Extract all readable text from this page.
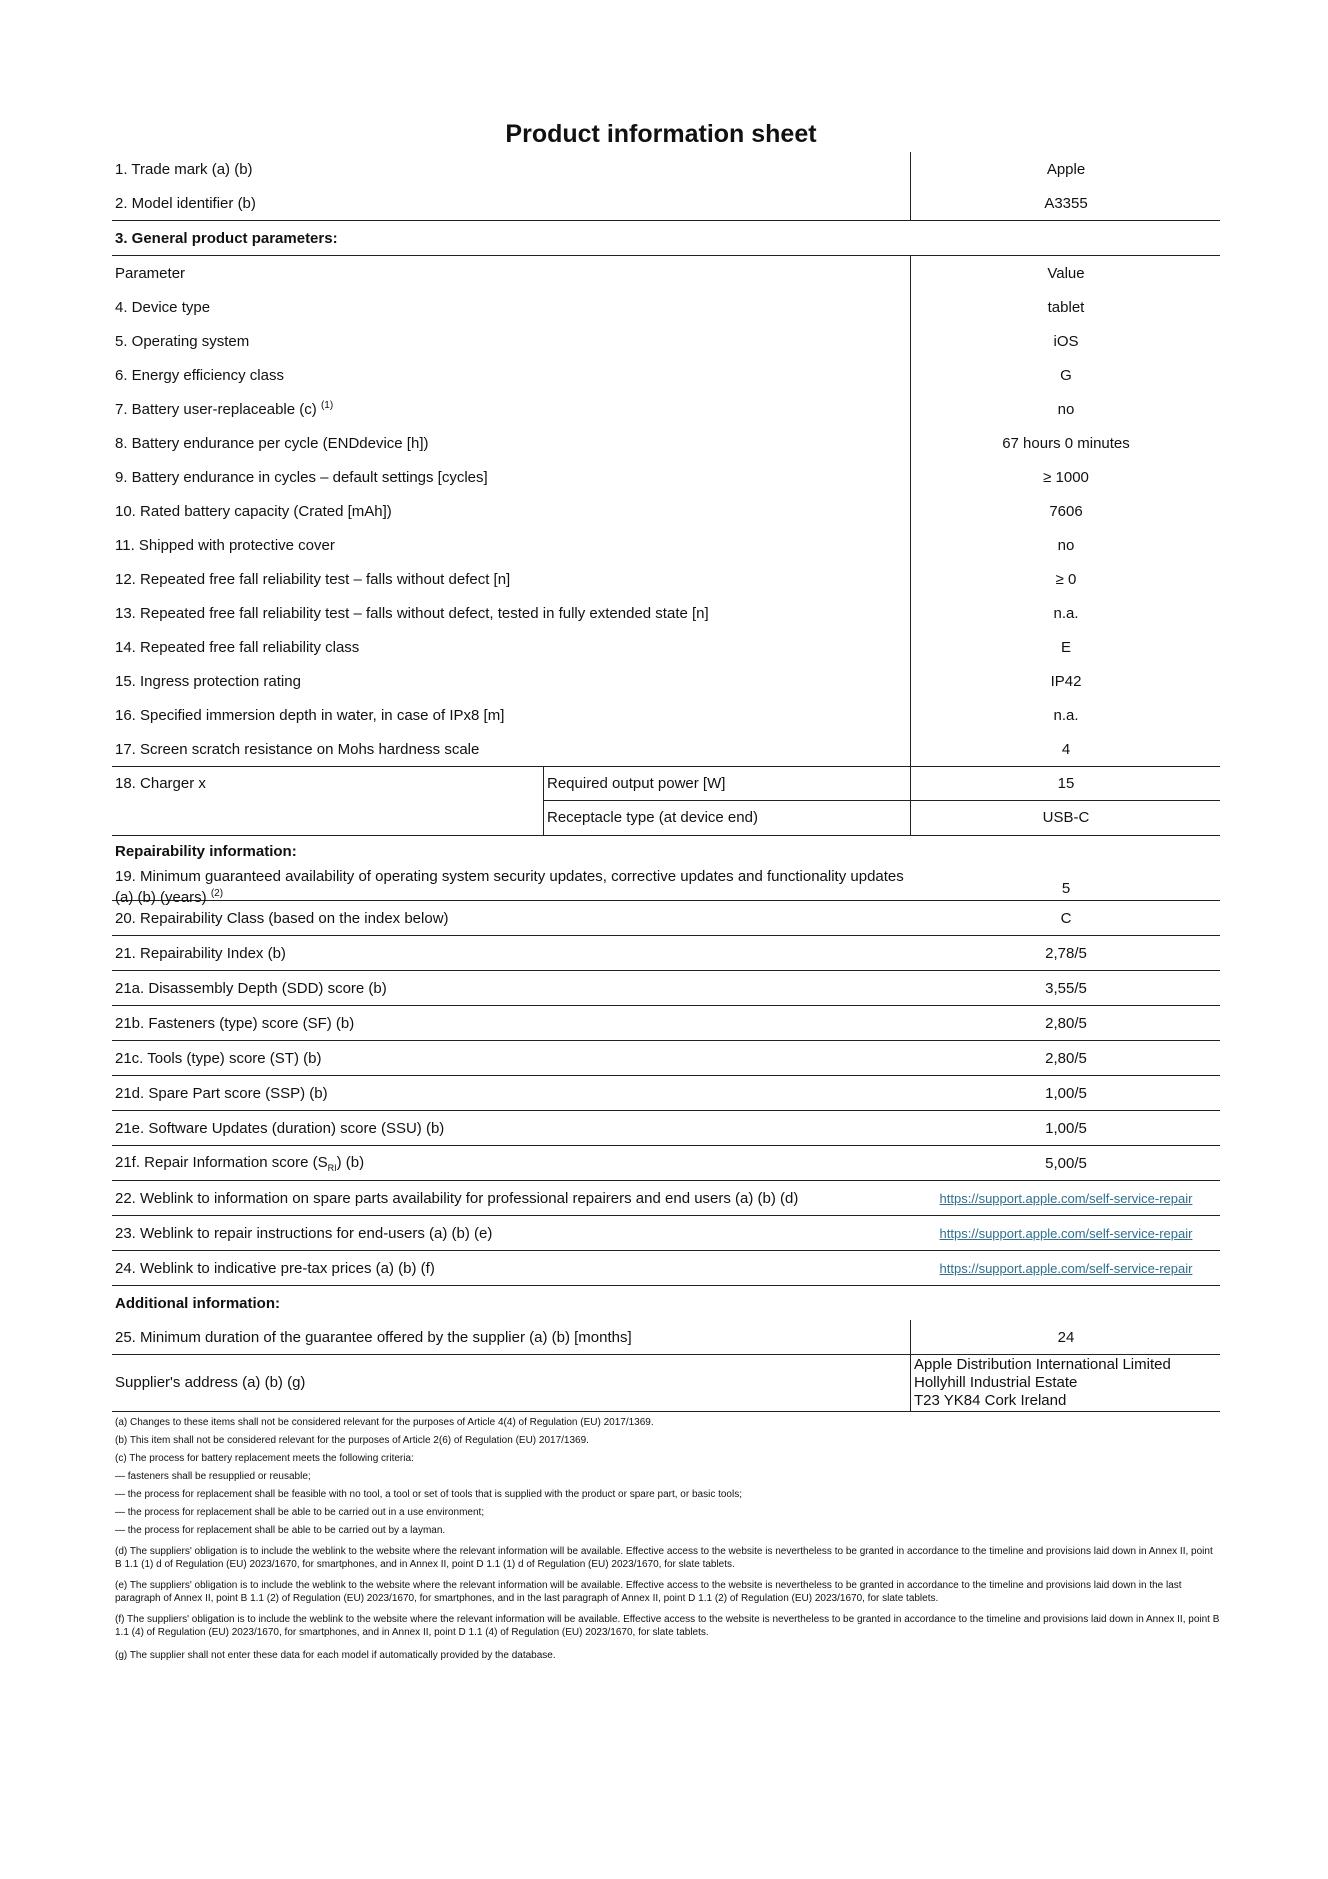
Product information sheet
1. Trade mark (a) (b)	Apple
2. Model identifier (b)	A3355
3. General product parameters:
Parameter	Value
4. Device type	tablet
5. Operating system	iOS
6. Energy efficiency class	G
7. Battery user-replaceable (c) $^{(1)}$	no
8. Battery endurance per cycle (ENDdevice [h])	67 hours 0 minutes
9. Battery endurance in cycles – default settings [cycles]	≥ 1000
10. Rated battery capacity (Crated [mAh])	7606
11. Shipped with protective cover	no
12. Repeated free fall reliability test – falls without defect [n]	≥ 0
13. Repeated free fall reliability test – falls without defect, tested in fully extended state [n]	n.a.
14. Repeated free fall reliability class	E
15. Ingress protection rating	IP42
16. Specified immersion depth in water, in case of IPx8 [m]	n.a.
17. Screen scratch resistance on Mohs hardness scale	4
18. Charger x	Required output power [W]	15
Receptacle type (at device end)	USB-C
Repairability information:
19. Minimum guaranteed availability of operating system security updates, corrective updates and functionality updates
(a) (b) (years) $^{(2)}$	5
20. Repairability Class (based on the index below)	C
21. Repairability Index (b)	2,78/5
21a. Disassembly Depth (SDD) score (b)	3,55/5
21b. Fasteners (type) score (SF) (b)	2,80/5
21c. Tools (type) score (ST) (b)	2,80/5
21d. Spare Part score (SSP) (b)	1,00/5
21e. Software Updates (duration) score (SSU) (b)	1,00/5
21f. Repair Information score $(S_{RI})$ (b)	5,00/5
22. Weblink to information on spare parts availability for professional repairers and end users (a) (b) (d)	https://support.apple.com/self-service-repair
23. Weblink to repair instructions for end-users (a) (b) (e)	https://support.apple.com/self-service-repair
24. Weblink to indicative pre-tax prices (a) (b) (f)	https://support.apple.com/self-service-repair
Additional information:
25. Minimum duration of the guarantee offered by the supplier (a) (b) [months]	24
Supplier's address (a) (b) (g)
Apple Distribution International Limited
Hollyhill Industrial Estate
T23 YK84 Cork Ireland
(a) Changes to these items shall not be considered relevant for the purposes of Article 4(4) of Regulation (EU) 2017/1369.
(b) This item shall not be considered relevant for the purposes of Article 2(6) of Regulation (EU) 2017/1369.
(c) The process for battery replacement meets the following criteria:
— fasteners shall be resupplied or reusable;
— the process for replacement shall be feasible with no tool, a tool or set of tools that is supplied with the product or spare part, or basic tools;
— the process for replacement shall be able to be carried out in a use environment;
— the process for replacement shall be able to be carried out by a layman.
(d) The suppliers' obligation is to include the weblink to the website where the relevant information will be available. Effective access to the website is nevertheless to be granted in accordance to the timeline and provisions laid down in Annex II, point B 1.1 (1) d of Regulation (EU) 2023/1670, for smartphones, and in Annex II, point D 1.1 (1) d of Regulation (EU) 2023/1670, for slate tablets.
(e) The suppliers' obligation is to include the weblink to the website where the relevant information will be available. Effective access to the website is nevertheless to be granted in accordance to the timeline and provisions laid down in the last paragraph of Annex II, point B 1.1 (2) of Regulation (EU) 2023/1670, for smartphones, and in the last paragraph of Annex II, point D 1.1 (2) of Regulation (EU) 2023/1670, for slate tablets.
(f) The suppliers' obligation is to include the weblink to the website where the relevant information will be available. Effective access to the website is nevertheless to be granted in accordance to the timeline and provisions laid down in Annex II, point B 1.1 (4) of Regulation (EU) 2023/1670, for smartphones, and in Annex II, point D 1.1 (4) of Regulation (EU) 2023/1670, for slate tablets.
(g) The supplier shall not enter these data for each model if automatically provided by the database.
